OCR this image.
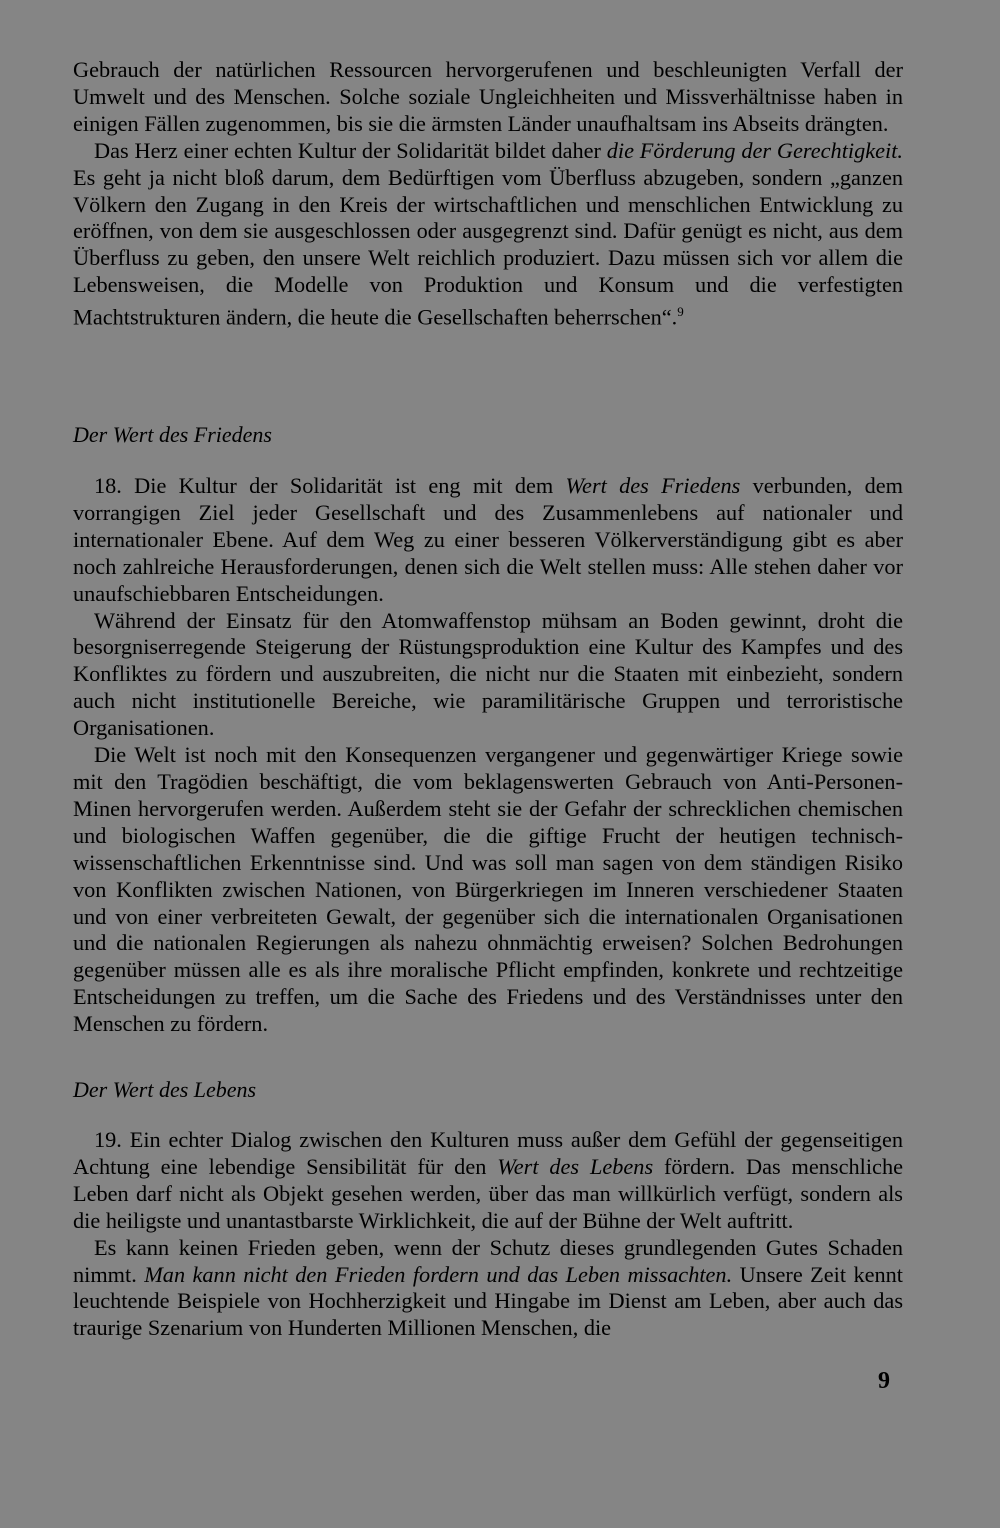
Gebrauch der natürlichen Ressourcen hervorgerufenen und beschleunigten Verfall der Umwelt und des Menschen. Solche soziale Ungleichheiten und Missverhältnisse haben in einigen Fällen zugenommen, bis sie die ärmsten Länder unaufhaltsam ins Abseits drängten.

Das Herz einer echten Kultur der Solidarität bildet daher die Förderung der Gerechtigkeit. Es geht ja nicht bloß darum, dem Bedürftigen vom Überfluss abzugeben, sondern „ganzen Völkern den Zugang in den Kreis der wirtschaftlichen und menschlichen Entwicklung zu eröffnen, von dem sie ausgeschlossen oder ausgegrenzt sind. Dafür genügt es nicht, aus dem Überfluss zu geben, den unsere Welt reichlich produziert. Dazu müssen sich vor allem die Lebensweisen, die Modelle von Produktion und Konsum und die verfestigten Machtstrukturen ändern, die heute die Gesellschaften beherrschen“.$^9$

Der Wert des Friedens

18. Die Kultur der Solidarität ist eng mit dem Wert des Friedens verbunden, dem vorrangigen Ziel jeder Gesellschaft und des Zusammenlebens auf nationaler und internationaler Ebene. Auf dem Weg zu einer besseren Völkerverständigung gibt es aber noch zahlreiche Herausforderungen, denen sich die Welt stellen muss: Alle stehen daher vor unaufschiebbaren Entscheidungen.

Während der Einsatz für den Atomwaffenstop mühsam an Boden gewinnt, droht die besorgniserregende Steigerung der Rüstungsproduktion eine Kultur des Kampfes und des Konfliktes zu fördern und auszubreiten, die nicht nur die Staaten mit einbezieht, sondern auch nicht institutionelle Bereiche, wie paramilitärische Gruppen und terroristische Organisationen.

Die Welt ist noch mit den Konsequenzen vergangener und gegenwärtiger Kriege sowie mit den Tragödien beschäftigt, die vom beklagenswerten Gebrauch von Anti-Personen-Minen hervorgerufen werden. Außerdem steht sie der Gefahr der schrecklichen chemischen und biologischen Waffen gegenüber, die die giftige Frucht der heutigen technisch-wissenschaftlichen Erkenntnisse sind. Und was soll man sagen von dem ständigen Risiko von Konflikten zwischen Nationen, von Bürgerkriegen im Inneren verschiedener Staaten und von einer verbreiteten Gewalt, der gegenüber sich die internationalen Organisationen und die nationalen Regierungen als nahezu ohnmächtig erweisen? Solchen Bedrohungen gegenüber müssen alle es als ihre moralische Pflicht empfinden, konkrete und rechtzeitige Entscheidungen zu treffen, um die Sache des Friedens und des Verständnisses unter den Menschen zu fördern.

Der Wert des Lebens

19. Ein echter Dialog zwischen den Kulturen muss außer dem Gefühl der gegenseitigen Achtung eine lebendige Sensibilität für den Wert des Lebens fördern. Das menschliche Leben darf nicht als Objekt gesehen werden, über das man willkürlich verfügt, sondern als die heiligste und unantastbarste Wirklichkeit, die auf der Bühne der Welt auftritt.

Es kann keinen Frieden geben, wenn der Schutz dieses grundlegenden Gutes Schaden nimmt. Man kann nicht den Frieden fordern und das Leben missachten. Unsere Zeit kennt leuchtende Beispiele von Hochherzigkeit und Hingabe im Dienst am Leben, aber auch das traurige Szenarium von Hunderten Millionen Menschen, die

9
